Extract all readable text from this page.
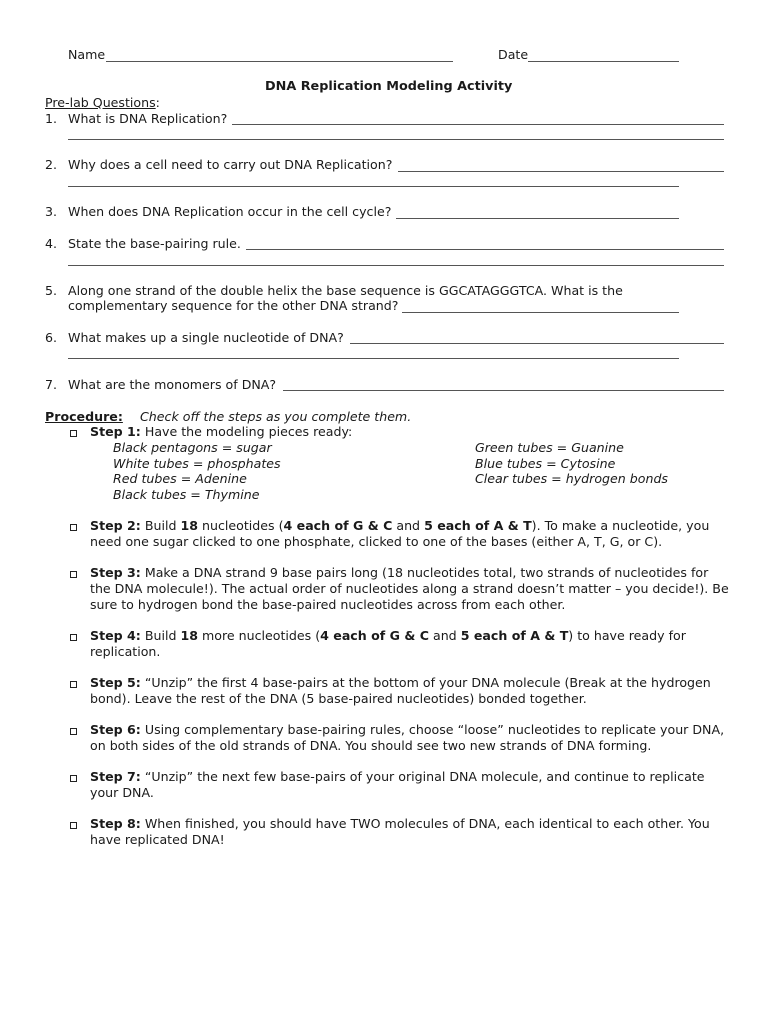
Name	Date
DNA Replication Modeling Activity
Pre-lab Questions:
1. What is DNA Replication?
2. Why does a cell need to carry out DNA Replication?
3. When does DNA Replication occur in the cell cycle?
4. State the base-pairing rule.
5. Along one strand of the double helix the base sequence is GGCATAGGGTCA. What is the
complementary sequence for the other DNA strand?
6. What makes up a single nucleotide of DNA?
7. What are the monomers of DNA?
Procedure: Check off the steps as you complete them.
Step 1: Have the modeling pieces ready:
Black pentagons = sugar
White tubes = phosphates
Red tubes = Adenine
Black tubes = Thymine
Green tubes = Guanine
Blue tubes = Cytosine
Clear tubes = hydrogen bonds
Step 2: Build 18 nucleotides (4 each of G & C and 5 each of A & T). To make a nucleotide, you need one sugar clicked to one phosphate, clicked to one of the bases (either A, T, G, or C).
Step 3: Make a DNA strand 9 base pairs long (18 nucleotides total, two strands of nucleotides for the DNA molecule!). The actual order of nucleotides along a strand doesn’t matter – you decide!). Be sure to hydrogen bond the base-paired nucleotides across from each other.
Step 4: Build 18 more nucleotides (4 each of G & C and 5 each of A & T) to have ready for replication.
Step 5: “Unzip” the first 4 base-pairs at the bottom of your DNA molecule (Break at the hydrogen bond). Leave the rest of the DNA (5 base-paired nucleotides) bonded together.
Step 6: Using complementary base-pairing rules, choose “loose” nucleotides to replicate your DNA, on both sides of the old strands of DNA. You should see two new strands of DNA forming.
Step 7: “Unzip” the next few base-pairs of your original DNA molecule, and continue to replicate your DNA.
Step 8: When finished, you should have TWO molecules of DNA, each identical to each other. You have replicated DNA!
